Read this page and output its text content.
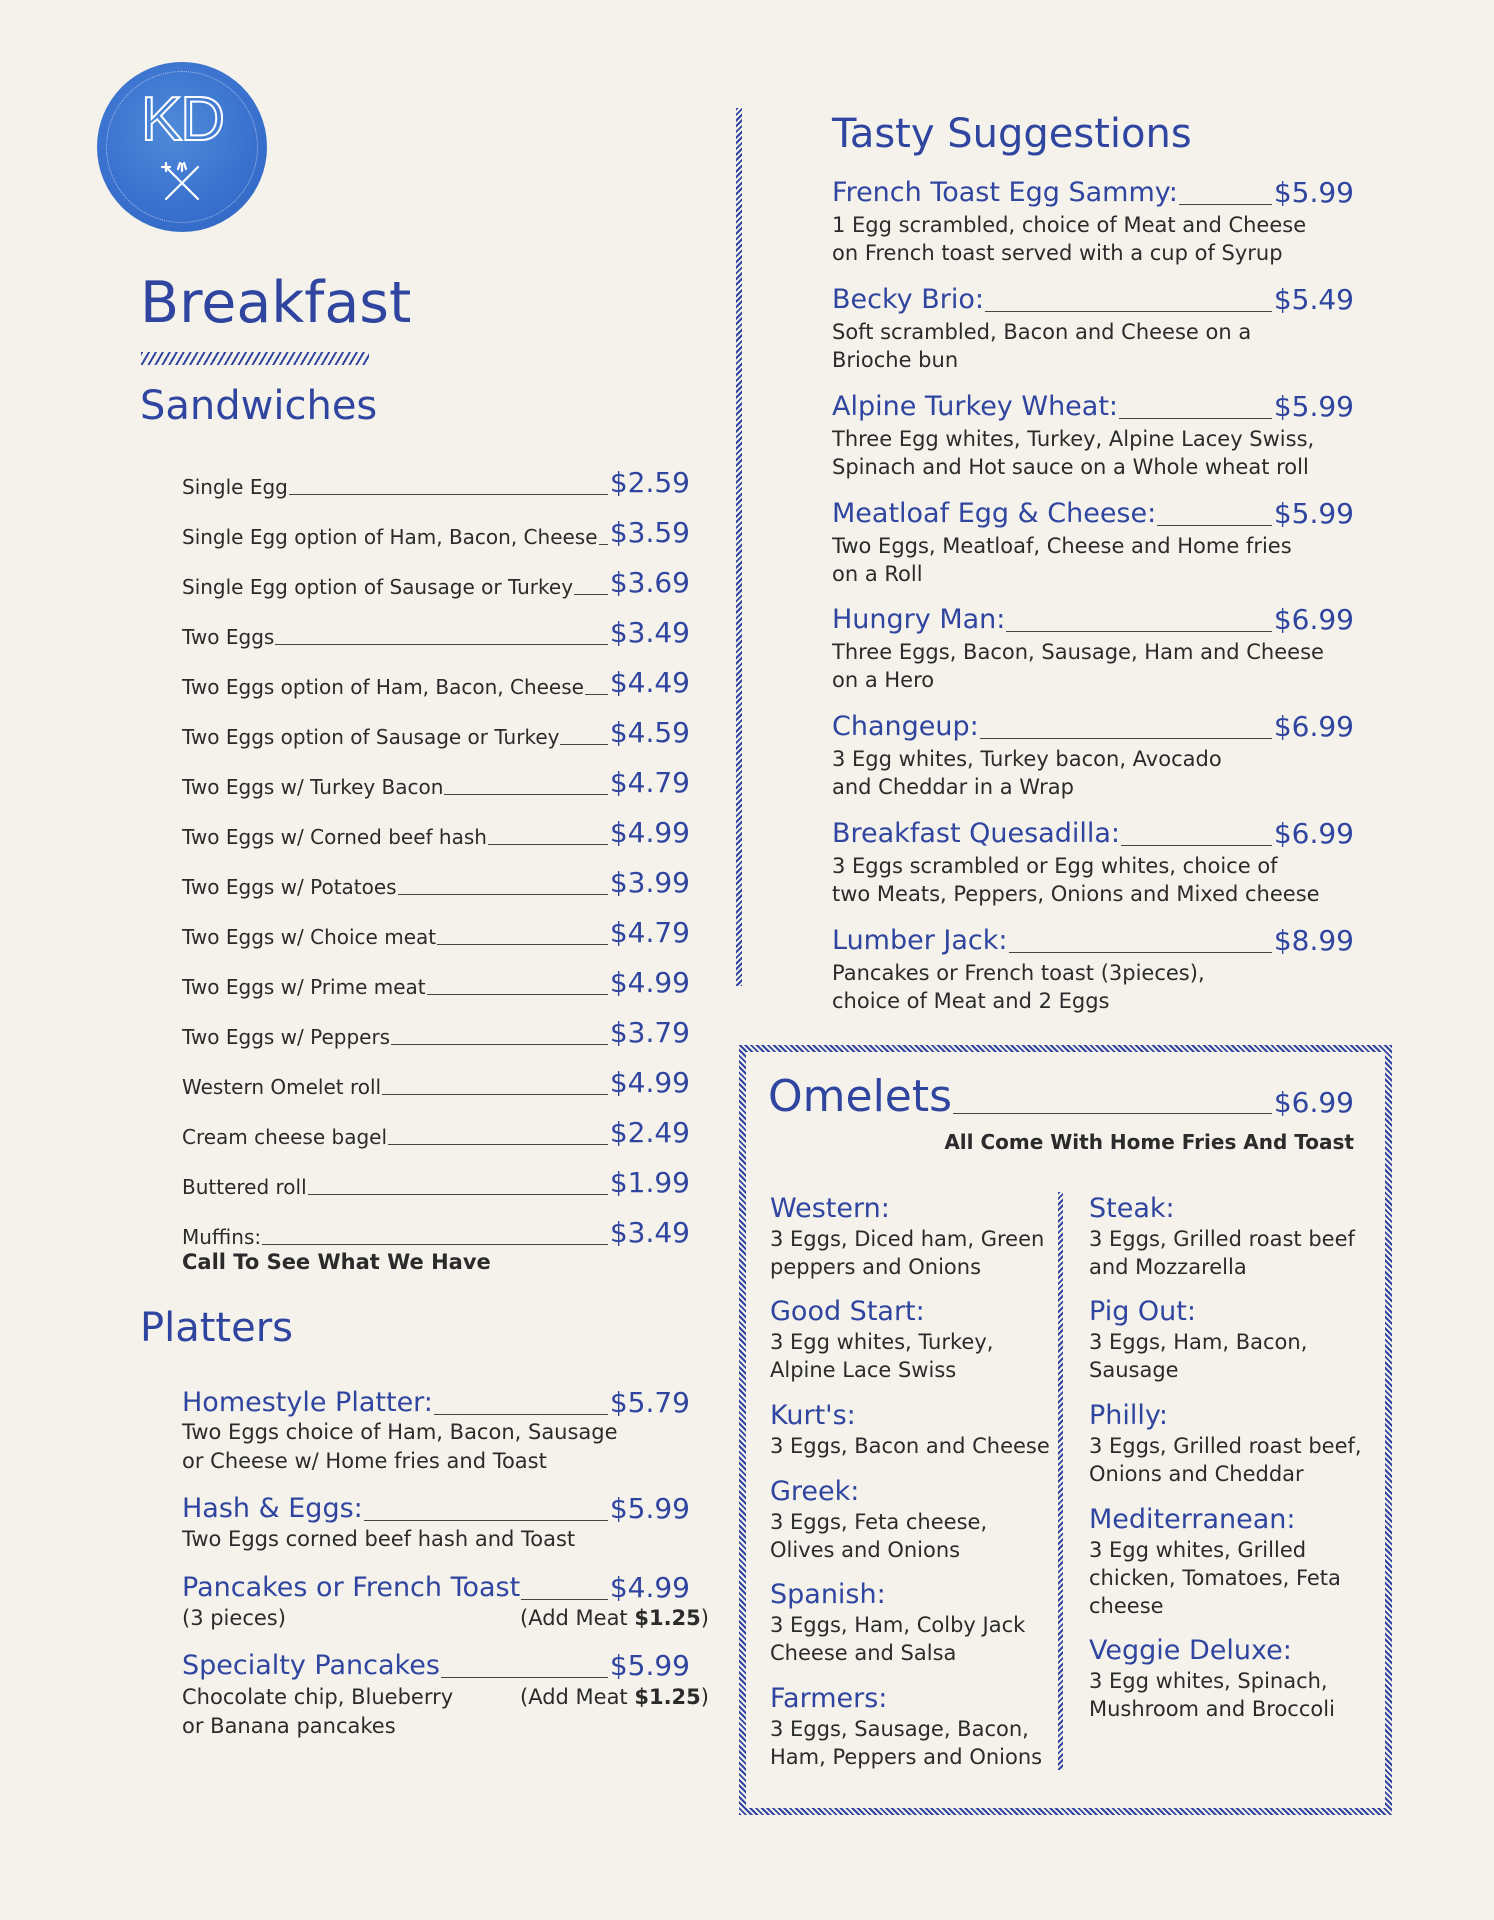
KD
Breakfast
Sandwiches
Single Egg	$2.59
Single Egg option of Ham, Bacon, Cheese $3.59
Single Egg option of Sausage or Turkey $3.69
Two Eggs	$3.49
Two Eggs option of Ham, Bacon, Cheese $4.49
Two Eggs option of Sausage or Turkey $4.59
Two Eggs w/ Turkey Bacon	$4.79
Two Eggs w/ Corned beef hash	$4.99
Two Eggs w/ Potatoes	$3.99
Two Eggs w/ Choice meat	$4.79
Two Eggs w/ Prime meat	$4.99
Two Eggs w/ Peppers	$3.79
Western Omelet roll	$4.99
Cream cheese bagel	$2.49
Buttered roll	$1.99
Muffins:	$3.49
Call To See What We Have
Platters
Homestyle Platter:	$5.79
Two Eggs choice of Ham, Bacon, Sausage
or Cheese w/ Home fries and Toast
Hash & Eggs:	$5.99
Two Eggs corned beef hash and Toast
Pancakes or French Toast	$4.99
(3 pieces)	(Add Meat $1.25)
Specialty Pancakes	$5.99
Chocolate chip, Blueberry
or Banana pancakes
(Add Meat $1.25)
Tasty Suggestions
French Toast Egg Sammy:	$5.99
1 Egg scrambled, choice of Meat and Cheese
on French toast served with a cup of Syrup
Becky Brio:	$5.49
Soft scrambled, Bacon and Cheese on a
Brioche bun
Alpine Turkey Wheat:	$5.99
Three Egg whites, Turkey, Alpine Lacey Swiss,
Spinach and Hot sauce on a Whole wheat roll
Meatloaf Egg & Cheese:	$5.99
Two Eggs, Meatloaf, Cheese and Home fries
on a Roll
Hungry Man:	$6.99
Three Eggs, Bacon, Sausage, Ham and Cheese
on a Hero
Changeup:	$6.99
3 Egg whites, Turkey bacon, Avocado
and Cheddar in a Wrap
Breakfast Quesadilla:	$6.99
3 Eggs scrambled or Egg whites, choice of
two Meats, Peppers, Onions and Mixed cheese
Lumber Jack:	$8.99
Pancakes or French toast (3pieces),
choice of Meat and 2 Eggs
Omelets	$6.99
All Come With Home Fries And Toast
Western:
3 Eggs, Diced ham, Green
peppers and Onions
Good Start:
3 Egg whites, Turkey,
Alpine Lace Swiss
Kurt's:
3 Eggs, Bacon and Cheese
Greek:
3 Eggs, Feta cheese,
Olives and Onions
Spanish:
3 Eggs, Ham, Colby Jack
Cheese and Salsa
Farmers:
3 Eggs, Sausage, Bacon,
Ham, Peppers and Onions
Steak:
3 Eggs, Grilled roast beef
and Mozzarella
Pig Out:
3 Eggs, Ham, Bacon,
Sausage
Philly:
3 Eggs, Grilled roast beef,
Onions and Cheddar
Mediterranean:
3 Egg whites, Grilled
chicken, Tomatoes, Feta
cheese
Veggie Deluxe:
3 Egg whites, Spinach,
Mushroom and Broccoli
